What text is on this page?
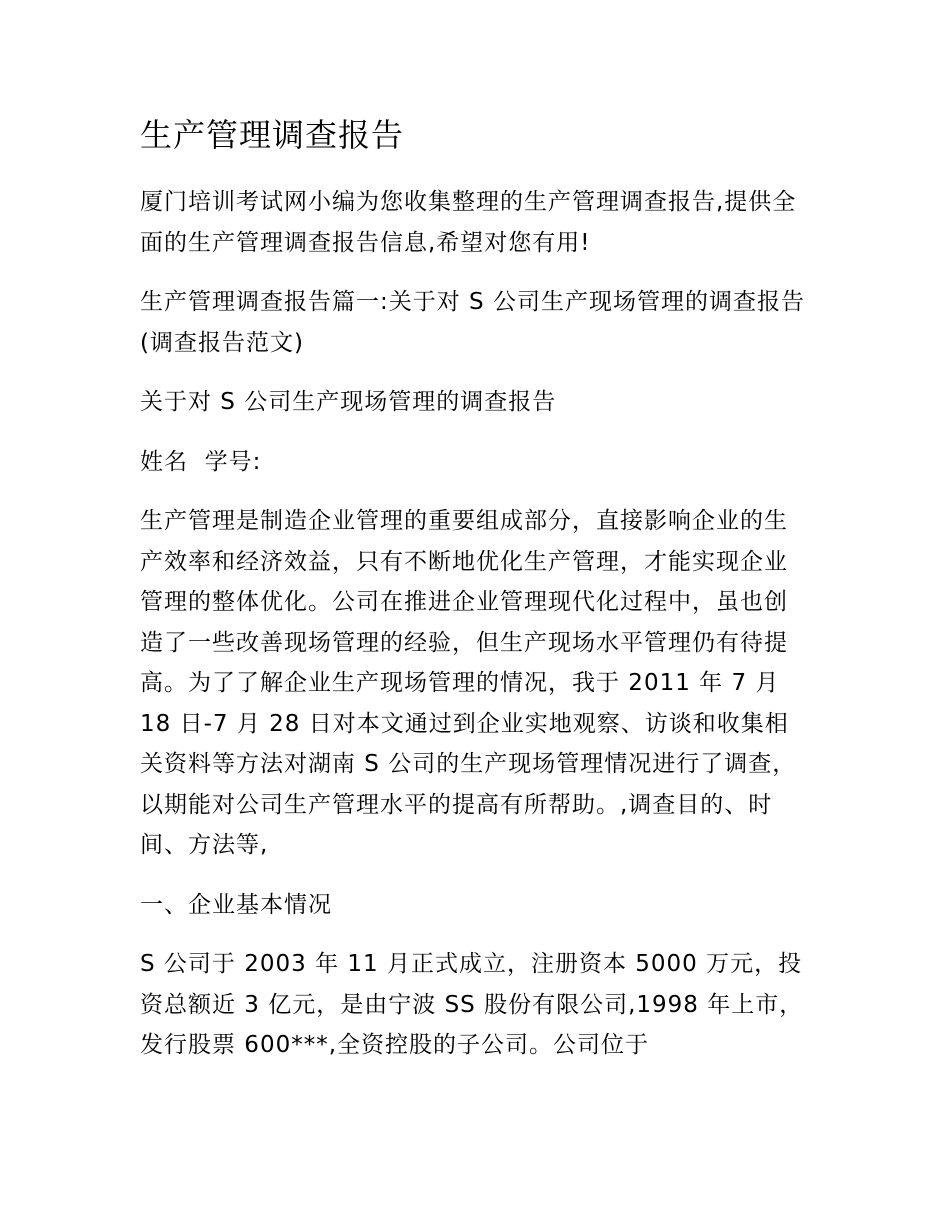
生产管理调查报告

厦门培训考试网小编为您收集整理的生产管理调查报告,提供全面的生产管理调查报告信息,希望对您有用!

生产管理调查报告篇一:关于对 S 公司生产现场管理的调查报告(调查报告范文)

关于对 S 公司生产现场管理的调查报告

姓名  学号:

生产管理是制造企业管理的重要组成部分，直接影响企业的生产效率和经济效益，只有不断地优化生产管理，才能实现企业管理的整体优化。公司在推进企业管理现代化过程中，虽也创造了一些改善现场管理的经验，但生产现场水平管理仍有待提高。为了了解企业生产现场管理的情况，我于 2011 年 7 月 18 日-7 月 28 日对本文通过到企业实地观察、访谈和收集相关资料等方法对湖南 S 公司的生产现场管理情况进行了调查，以期能对公司生产管理水平的提高有所帮助。,调查目的、时间、方法等,

一、企业基本情况

S 公司于 2003 年 11 月正式成立，注册资本 5000 万元，投资总额近 3 亿元，是由宁波 SS 股份有限公司,1998 年上市，发行股票 600***,全资控股的子公司。公司位于
